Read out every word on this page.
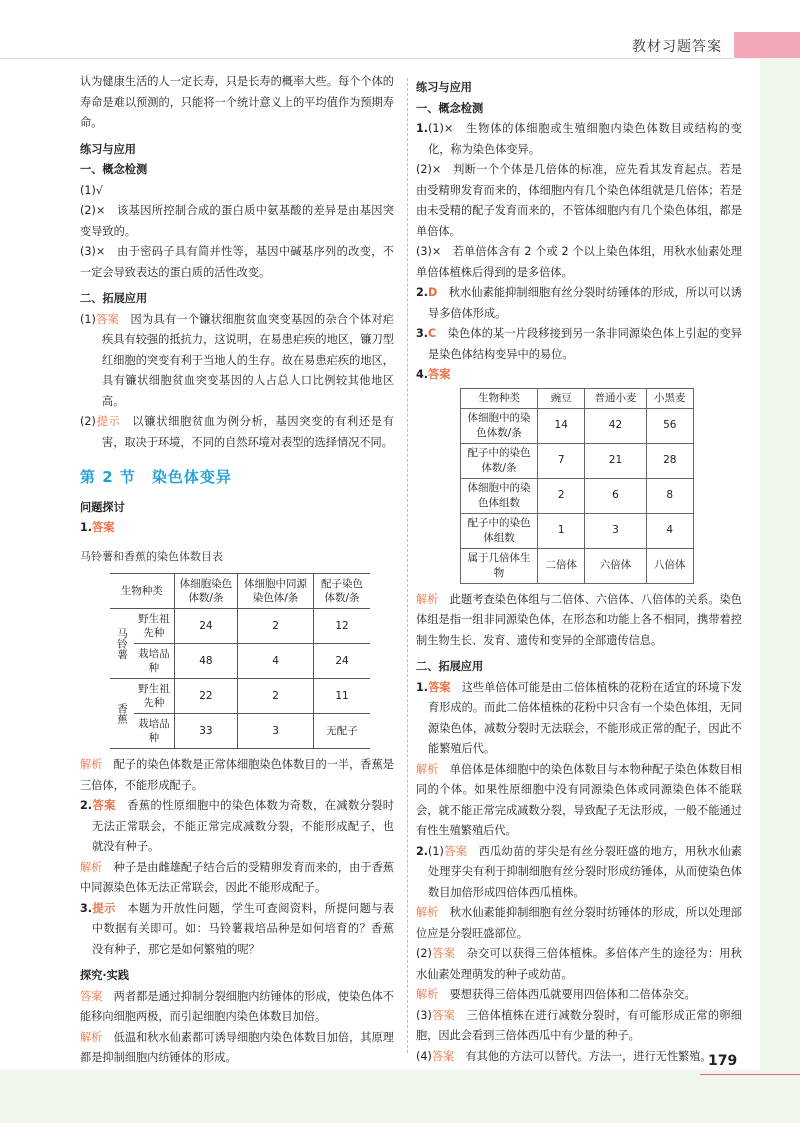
教材习题答案

认为健康生活的人一定长寿，只是长寿的概率大些。每个个体的寿命是难以预测的，只能将一个统计意义上的平均值作为预期寿命。

练习与应用

一、概念检测

(1)√

(2)×　该基因所控制合成的蛋白质中氨基酸的差异是由基因突变导致的。

(3)×　由于密码子具有简并性等，基因中碱基序列的改变，不一定会导致表达的蛋白质的活性改变。

二、拓展应用

(1)答案　因为具有一个镰状细胞贫血突变基因的杂合个体对疟疾具有较强的抵抗力，这说明，在易患疟疾的地区，镰刀型红细胞的突变有利于当地人的生存。故在易患疟疾的地区，具有镰状细胞贫血突变基因的人占总人口比例较其他地区高。

(2)提示　以镰状细胞贫血为例分析，基因突变的有利还是有害，取决于环境，不同的自然环境对表型的选择情况不同。

第 2 节　染色体变异

问题探讨

1.答案

马铃薯和香蕉的染色体数目表

生物种类		体细胞染色体数/条	体细胞中同源染色体/条	配子染色体数/条
马铃薯	野生祖先种	24	2	12
	栽培品种	48	4	24
香蕉	野生祖先种	22	2	11
	栽培品种	33	3	无配子

解析　配子的染色体数是正常体细胞染色体数目的一半，香蕉是三倍体，不能形成配子。

2.答案　香蕉的性原细胞中的染色体数为奇数，在减数分裂时无法正常联会，不能正常完成减数分裂，不能形成配子，也就没有种子。

解析　种子是由雌雄配子结合后的受精卵发育而来的，由于香蕉中同源染色体无法正常联会，因此不能形成配子。

3.提示　本题为开放性问题，学生可查阅资料，所提问题与表中数据有关即可。如：马铃薯栽培品种是如何培育的？香蕉没有种子，那它是如何繁殖的呢？

探究·实践

答案　两者都是通过抑制分裂细胞内纺锤体的形成，使染色体不能移向细胞两极，而引起细胞内染色体数目加倍。

解析　低温和秋水仙素都可诱导细胞内染色体数目加倍，其原理都是抑制细胞内纺锤体的形成。

练习与应用

一、概念检测

1.(1)×　生物体的体细胞或生殖细胞内染色体数目或结构的变化，称为染色体变异。

(2)×　判断一个个体是几倍体的标准，应先看其发育起点。若是由受精卵发育而来的，体细胞内有几个染色体组就是几倍体；若是由未受精的配子发育而来的，不管体细胞内有几个染色体组，都是单倍体。

(3)×　若单倍体含有 2 个或 2 个以上染色体组，用秋水仙素处理单倍体植株后得到的是多倍体。

2.D　秋水仙素能抑制细胞有丝分裂时纺锤体的形成，所以可以诱导多倍体形成。

3.C　染色体的某一片段移接到另一条非同源染色体上引起的变异是染色体结构变异中的易位。

4.答案

生物种类	豌豆	普通小麦	小黑麦
体细胞中的染色体数/条	14	42	56
配子中的染色体数/条	7	21	28
体细胞中的染色体组数	2	6	8
配子中的染色体组数	1	3	4
属于几倍体生物	二倍体	六倍体	八倍体

解析　此题考查染色体组与二倍体、六倍体、八倍体的关系。染色体组是指一组非同源染色体，在形态和功能上各不相同，携带着控制生物生长、发育、遗传和变异的全部遗传信息。

二、拓展应用

1.答案　这些单倍体可能是由二倍体植株的花粉在适宜的环境下发育形成的。而此二倍体植株的花粉中只含有一个染色体组，无同源染色体，减数分裂时无法联会，不能形成正常的配子，因此不能繁殖后代。

解析　单倍体是体细胞中的染色体数目与本物种配子染色体数目相同的个体。如果性原细胞中没有同源染色体或同源染色体不能联会，就不能正常完成减数分裂，导致配子无法形成，一般不能通过有性生殖繁殖后代。

2.(1)答案　西瓜幼苗的芽尖是有丝分裂旺盛的地方，用秋水仙素处理芽尖有利于抑制细胞有丝分裂时形成纺锤体，从而使染色体数目加倍形成四倍体西瓜植株。

解析　秋水仙素能抑制细胞有丝分裂时纺锤体的形成，所以处理部位应是分裂旺盛部位。

(2)答案　杂交可以获得三倍体植株。多倍体产生的途径为：用秋水仙素处理萌发的种子或幼苗。

解析　要想获得三倍体西瓜就要用四倍体和二倍体杂交。

(3)答案　三倍体植株在进行减数分裂时，有可能形成正常的卵细胞，因此会看到三倍体西瓜中有少量的种子。

(4)答案　有其他的方法可以替代。方法一，进行无性繁殖。

179
